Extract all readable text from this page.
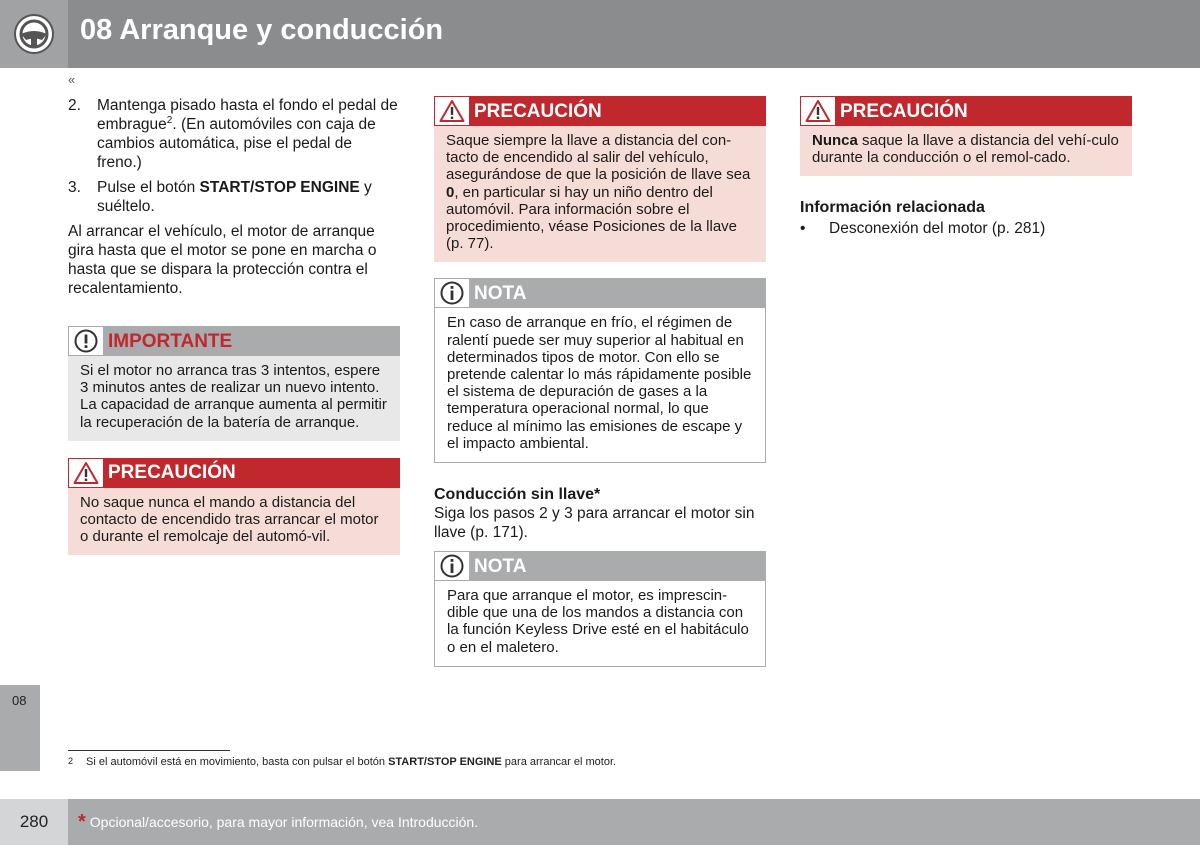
08 Arranque y conducción
«
2.	Mantenga pisado hasta el fondo el pedal de embrague$^2$. (En automóviles con caja de cambios automática, pise el pedal de freno.)
3.	Pulse el botón START/STOP ENGINE y suéltelo.

Al arrancar el vehículo, el motor de arranque gira hasta que el motor se pone en marcha o hasta que se dispara la protección contra el recalentamiento.

IMPORTANTE
Si el motor no arranca tras 3 intentos, espere 3 minutos antes de realizar un nuevo intento. La capacidad de arranque aumenta al permitir la recuperación de la batería de arranque.
PRECAUCIÓN
No saque nunca el mando a distancia del contacto de encendido tras arrancar el motor o durante el remolcaje del automó-vil.
PRECAUCIÓN
Saque siempre la llave a distancia del con-tacto de encendido al salir del vehículo, asegurándose de que la posición de llave sea 0, en particular si hay un niño dentro del automóvil. Para información sobre el procedimiento, véase Posiciones de la llave (p. 77).
NOTA
En caso de arranque en frío, el régimen de ralentí puede ser muy superior al habitual en determinados tipos de motor. Con ello se pretende calentar lo más rápidamente posible el sistema de depuración de gases a la temperatura operacional normal, lo que reduce al mínimo las emisiones de escape y el impacto ambiental.
Conducción sin llave*
Siga los pasos 2 y 3 para arrancar el motor sin llave (p. 171).
NOTA
Para que arranque el motor, es imprescin-dible que una de los mandos a distancia con la función Keyless Drive esté en el habitáculo o en el maletero.
PRECAUCIÓN
Nunca saque la llave a distancia del vehí-culo durante la conducción o el remol-cado.
Información relacionada
•	Desconexión del motor (p. 281)
08
2 Si el automóvil está en movimiento, basta con pulsar el botón START/STOP ENGINE para arrancar el motor.
280	* Opcional/accesorio, para mayor información, vea Introducción.
